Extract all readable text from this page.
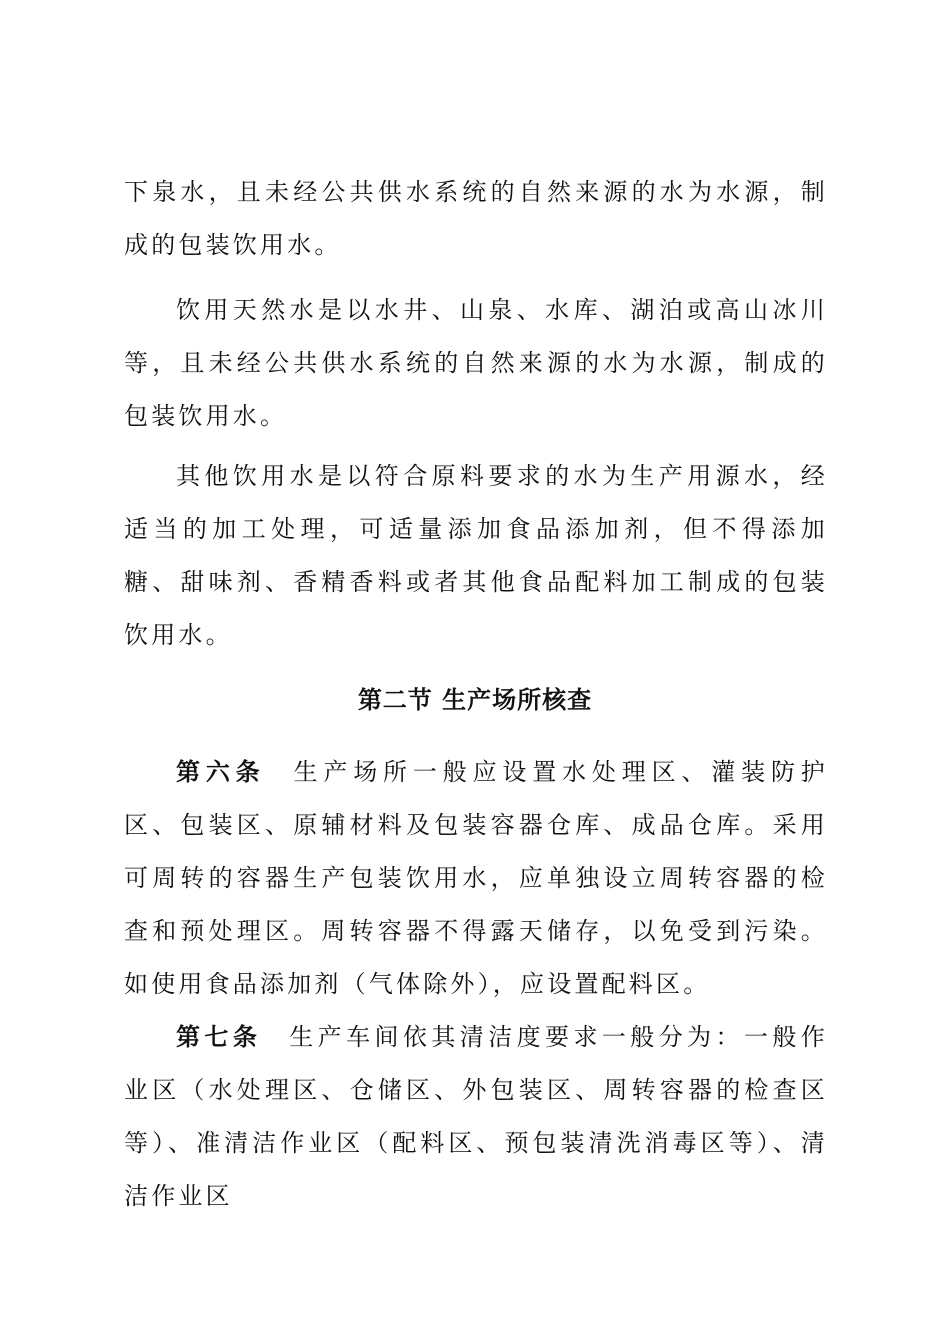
下泉水，且未经公共供水系统的自然来源的水为水源，制成的包装饮用水。

饮用天然水是以水井、山泉、水库、湖泊或高山冰川等，且未经公共供水系统的自然来源的水为水源，制成的包装饮用水。

其他饮用水是以符合原料要求的水为生产用源水，经适当的加工处理，可适量添加食品添加剂，但不得添加糖、甜味剂、香精香料或者其他食品配料加工制成的包装饮用水。

第二节 生产场所核查

第六条 生产场所一般应设置水处理区、灌装防护区、包装区、原辅材料及包装容器仓库、成品仓库。采用可周转的容器生产包装饮用水，应单独设立周转容器的检查和预处理区。周转容器不得露天储存，以免受到污染。如使用食品添加剂（气体除外），应设置配料区。

第七条 生产车间依其清洁度要求一般分为：一般作业区（水处理区、仓储区、外包装区、周转容器的检查区等）、准清洁作业区（配料区、预包装清洗消毒区等）、清洁作业区
